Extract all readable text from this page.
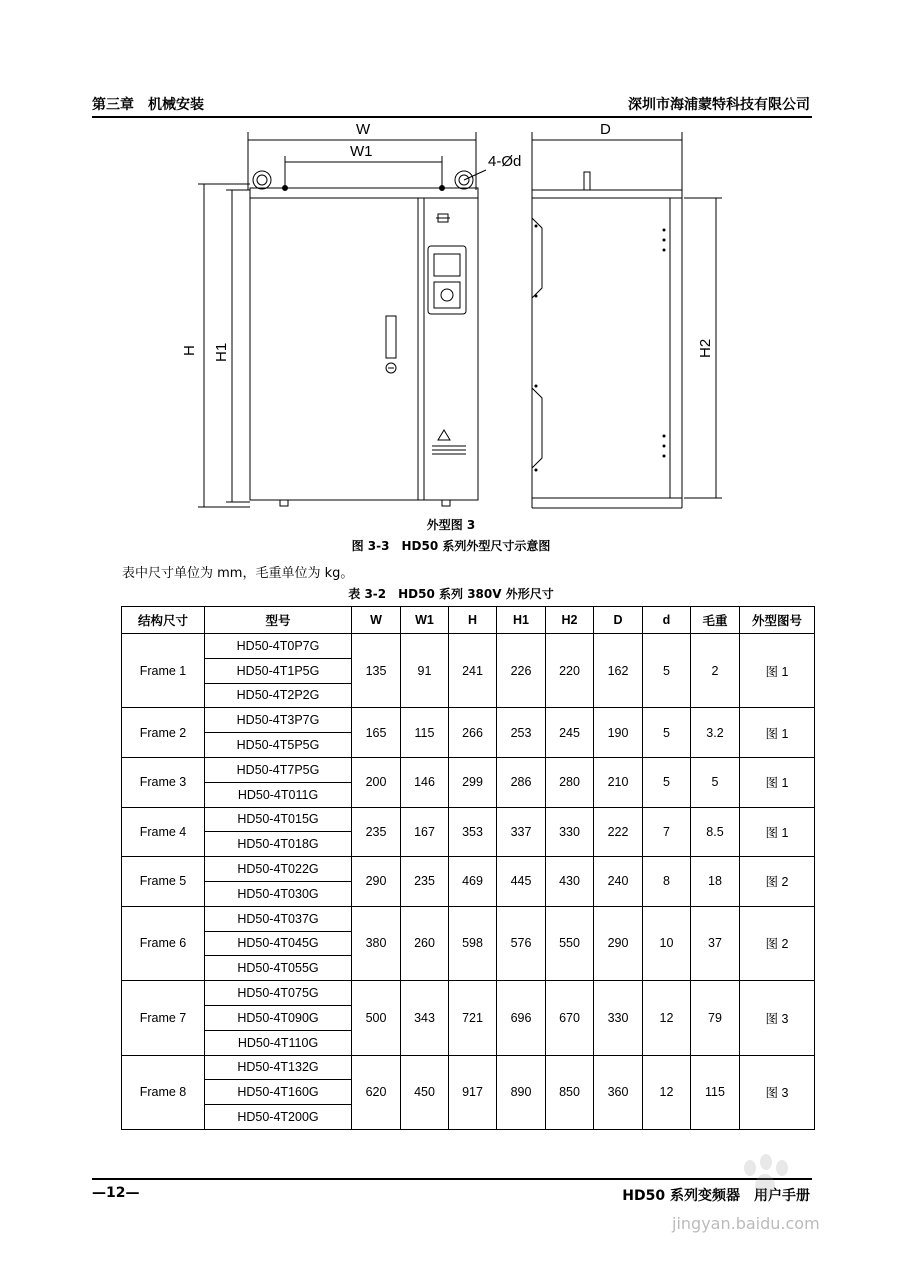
第三章　机械安装	深圳市海浦蒙特科技有限公司
W
W1
D
4-Ød
H H1	H2
外型图 3
图 3-3　HD50 系列外型尺寸示意图
表中尺寸单位为 mm，毛重单位为 kg。
表 3-2　HD50 系列 380V 外形尺寸
结构尺寸	型号	W	W1	H	H1	H2	D	d	毛重	外型图号
Frame 1	HD50-4T0P7G	135	91	241	226	220	162	5	2	图 1
	HD50-4T1P5G									
	HD50-4T2P2G									
Frame 2	HD50-4T3P7G	165	115	266	253	245	190	5	3.2	图 1
	HD50-4T5P5G									
Frame 3	HD50-4T7P5G	200	146	299	286	280	210	5	5	图 1
	HD50-4T011G									
Frame 4	HD50-4T015G	235	167	353	337	330	222	7	8.5	图 1
	HD50-4T018G									
Frame 5	HD50-4T022G	290	235	469	445	430	240	8	18	图 2
	HD50-4T030G									
Frame 6	HD50-4T037G	380	260	598	576	550	290	10	37	图 2
	HD50-4T045G									
	HD50-4T055G									
Frame 7	HD50-4T075G	500	343	721	696	670	330	12	79	图 3
	HD50-4T090G									
	HD50-4T110G									
Frame 8	HD50-4T132G	620	450	917	890	850	360	12	115	图 3
	HD50-4T160G									
	HD50-4T200G									
—12—	HD50 系列变频器　用户手册
jingyan.baidu.com
